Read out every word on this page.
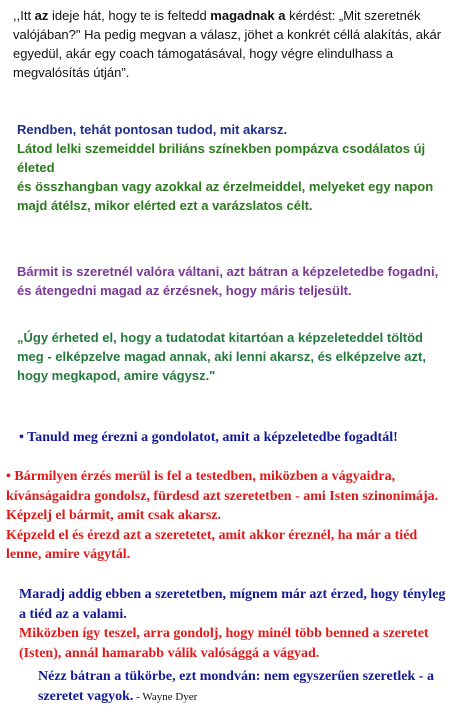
,,Itt az ideje hát, hogy te is feltedd magadnak a kérdést: „Mit szeretnék valójában?" Ha pedig megvan a válasz, jöhet a konkrét céllá alakítás, akár egyedül, akár egy coach támogatásával, hogy végre elindulhass a megvalósítás útján”.

Rendben, tehát pontosan tudod, mit akarsz.

Látod lelki szemeiddel briliáns színekben pompázva csodálatos új életed

és összhangban vagy azokkal az érzelmeiddel, melyeket egy napon majd átélsz, mikor elérted ezt a varázslatos célt.

Bármit is szeretnél valóra váltani, azt bátran a képzeletedbe fogadni, és átengedni magad az érzésnek, hogy máris teljesült.

„Úgy érheted el, hogy a tudatodat kitartóan a képzeleteddel töltöd meg - elképzelve magad annak, aki lenni akarsz, és elképzelve azt, hogy megkapod, amire vágysz."

• Tanuld meg érezni a gondolatot, amit a képzeletedbe fogadtál!

• Bármilyen érzés merül is fel a testedben, miközben a vágyaidra, kívánságaidra gondolsz, fürdesd azt szeretetben - ami Isten szinonimája. Képzelj el bármit, amit csak akarsz.

Képzeld el és érezd azt a szeretetet, amit akkor éreznél, ha már a tiéd lenne, amire vágytál.

Maradj addig ebben a szeretetben, mígnem már azt érzed, hogy tényleg a tiéd az a valami.

Miközben így teszel, arra gondolj, hogy minél több benned a szeretet (Isten), annál hamarabb válik valósággá a vágyad.

Nézz bátran a tükörbe, ezt mondván: nem egyszerűen szeretlek - a szeretet vagyok. - Wayne Dyer
